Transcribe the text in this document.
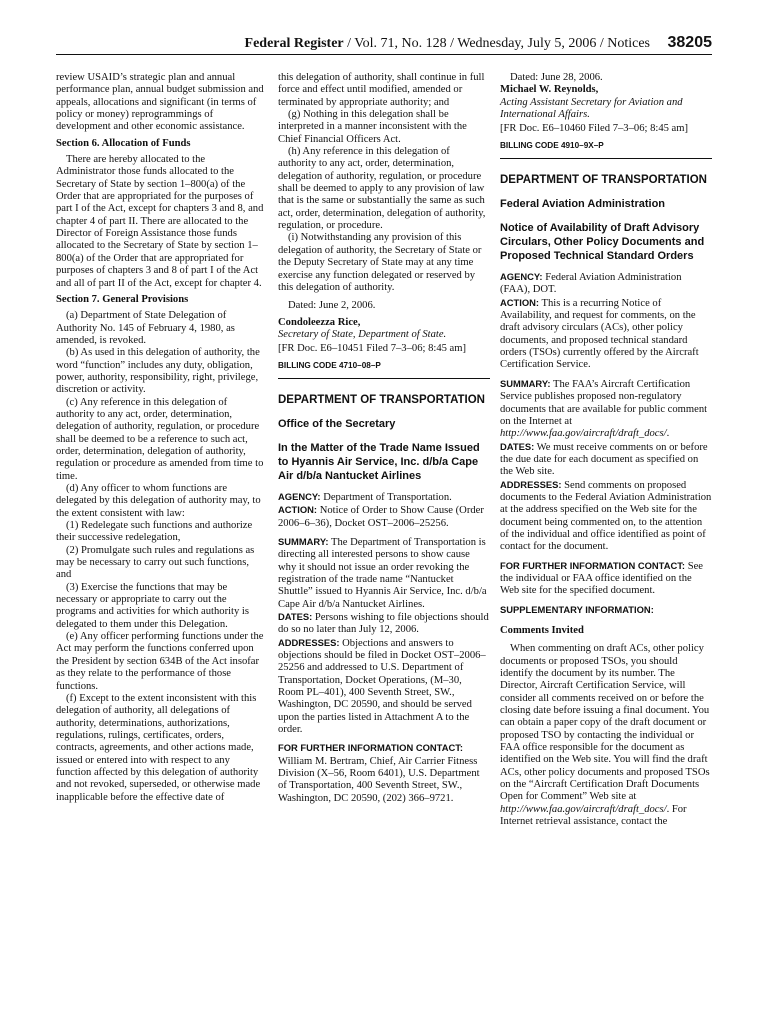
Federal Register / Vol. 71, No. 128 / Wednesday, July 5, 2006 / Notices 38205

review USAID’s strategic plan and annual performance plan, annual budget submission and appeals, allocations and significant (in terms of policy or money) reprogrammings of development and other economic assistance.

Section 6. Allocation of Funds

There are hereby allocated to the Administrator those funds allocated to the Secretary of State by section 1–800(a) of the Order that are appropriated for the purposes of part I of the Act, except for chapters 3 and 8, and chapter 4 of part II. There are allocated to the Director of Foreign Assistance those funds allocated to the Secretary of State by section 1–800(a) of the Order that are appropriated for purposes of chapters 3 and 8 of part I of the Act and all of part II of the Act, except for chapter 4.

Section 7. General Provisions

(a) Department of State Delegation of Authority No. 145 of February 4, 1980, as amended, is revoked.

(b) As used in this delegation of authority, the word “function” includes any duty, obligation, power, authority, responsibility, right, privilege, discretion or activity.

(c) Any reference in this delegation of authority to any act, order, determination, delegation of authority, regulation, or procedure shall be deemed to be a reference to such act, order, determination, delegation of authority, regulation or procedure as amended from time to time.

(d) Any officer to whom functions are delegated by this delegation of authority may, to the extent consistent with law:

(1) Redelegate such functions and authorize their successive redelegation,

(2) Promulgate such rules and regulations as may be necessary to carry out such functions, and

(3) Exercise the functions that may be necessary or appropriate to carry out the programs and activities for which authority is delegated to them under this Delegation.

(e) Any officer performing functions under the Act may perform the functions conferred upon the President by section 634B of the Act insofar as they relate to the performance of those functions.

(f) Except to the extent inconsistent with this delegation of authority, all delegations of authority, determinations, authorizations, regulations, rulings, certificates, orders, contracts, agreements, and other actions made, issued or entered into with respect to any function affected by this delegation of authority and not revoked, superseded, or otherwise made inapplicable before the effective date of

this delegation of authority, shall continue in full force and effect until modified, amended or terminated by appropriate authority; and

(g) Nothing in this delegation shall be interpreted in a manner inconsistent with the Chief Financial Officers Act.

(h) Any reference in this delegation of authority to any act, order, determination, delegation of authority, regulation, or procedure shall be deemed to apply to any provision of law that is the same or substantially the same as such act, order, determination, delegation of authority, regulation, or procedure.

(i) Notwithstanding any provision of this delegation of authority, the Secretary of State or the Deputy Secretary of State may at any time exercise any function delegated or reserved by this delegation of authority.

Dated: June 2, 2006.

Condoleezza Rice,

Secretary of State, Department of State.

[FR Doc. E6–10451 Filed 7–3–06; 8:45 am]

BILLING CODE 4710–08–P

DEPARTMENT OF TRANSPORTATION

Office of the Secretary

In the Matter of the Trade Name Issued to Hyannis Air Service, Inc. d/b/a Cape Air d/b/a Nantucket Airlines

AGENCY: Department of Transportation.

ACTION: Notice of Order to Show Cause (Order 2006–6–36), Docket OST–2006–25256.

SUMMARY: The Department of Transportation is directing all interested persons to show cause why it should not issue an order revoking the registration of the trade name “Nantucket Shuttle” issued to Hyannis Air Service, Inc. d/b/a Cape Air d/b/a Nantucket Airlines.

DATES: Persons wishing to file objections should do so no later than July 12, 2006.

ADDRESSES: Objections and answers to objections should be filed in Docket OST–2006–25256 and addressed to U.S. Department of Transportation, Docket Operations, (M–30, Room PL–401), 400 Seventh Street, SW., Washington, DC 20590, and should be served upon the parties listed in Attachment A to the order.

FOR FURTHER INFORMATION CONTACT:
William M. Bertram, Chief, Air Carrier Fitness Division (X–56, Room 6401), U.S. Department of Transportation, 400 Seventh Street, SW., Washington, DC 20590, (202) 366–9721.

Dated: June 28, 2006.

Michael W. Reynolds,

Acting Assistant Secretary for Aviation and International Affairs.

[FR Doc. E6–10460 Filed 7–3–06; 8:45 am]

BILLING CODE 4910–9X–P

DEPARTMENT OF TRANSPORTATION

Federal Aviation Administration

Notice of Availability of Draft Advisory Circulars, Other Policy Documents and Proposed Technical Standard Orders

AGENCY: Federal Aviation Administration (FAA), DOT.

ACTION: This is a recurring Notice of Availability, and request for comments, on the draft advisory circulars (ACs), other policy documents, and proposed technical standard orders (TSOs) currently offered by the Aircraft Certification Service.

SUMMARY: The FAA’s Aircraft Certification Service publishes proposed non-regulatory documents that are available for public comment on the Internet at http://www.faa.gov/aircraft/draft_docs/.

DATES: We must receive comments on or before the due date for each document as specified on the Web site.

ADDRESSES: Send comments on proposed documents to the Federal Aviation Administration at the address specified on the Web site for the document being commented on, to the attention of the individual and office identified as point of contact for the document.

FOR FURTHER INFORMATION CONTACT: See the individual or FAA office identified on the Web site for the specified document.

SUPPLEMENTARY INFORMATION:

Comments Invited

When commenting on draft ACs, other policy documents or proposed TSOs, you should identify the document by its number. The Director, Aircraft Certification Service, will consider all comments received on or before the closing date before issuing a final document. You can obtain a paper copy of the draft document or proposed TSO by contacting the individual or FAA office responsible for the document as identified on the Web site. You will find the draft ACs, other policy documents and proposed TSOs on the “Aircraft Certification Draft Documents Open for Comment” Web site at http://www.faa.gov/aircraft/draft_docs/. For Internet retrieval assistance, contact the
